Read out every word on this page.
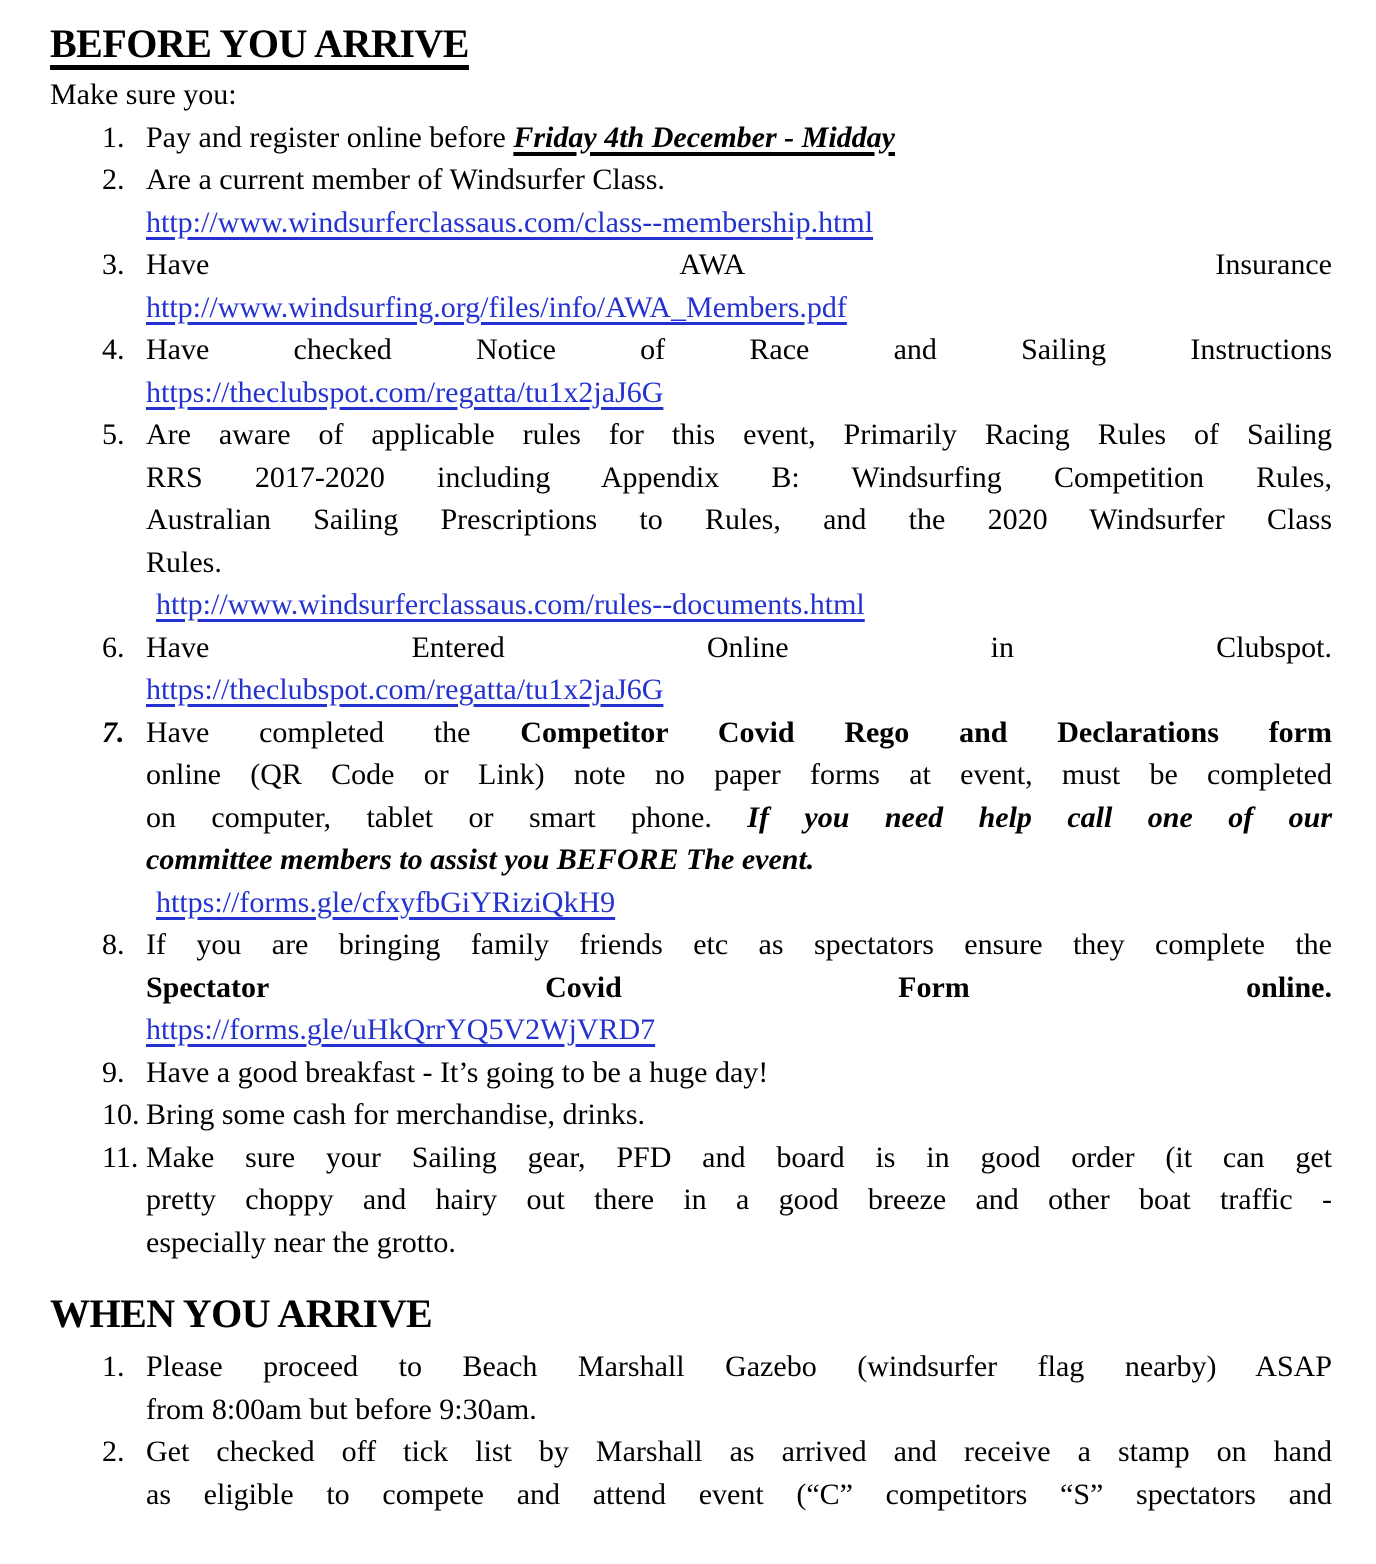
BEFORE YOU ARRIVE

Make sure you:

1. Pay and register online before Friday 4th December - Midday
2. Are a current member of Windsurfer Class.
http://www.windsurferclassaus.com/class--membership.html
3. Have AWA Insurance
http://www.windsurfing.org/files/info/AWA_Members.pdf
4. Have checked Notice of Race and Sailing Instructions
https://theclubspot.com/regatta/tu1x2jaJ6G
5. Are aware of applicable rules for this event, Primarily Racing Rules of Sailing
RRS 2017-2020 including Appendix B: Windsurfing Competition Rules,
Australian Sailing Prescriptions to Rules, and the 2020 Windsurfer Class
Rules.
http://www.windsurferclassaus.com/rules--documents.html
6. Have Entered Online in Clubspot.
https://theclubspot.com/regatta/tu1x2jaJ6G
7. Have completed the Competitor Covid Rego and Declarations form
online (QR Code or Link) note no paper forms at event, must be completed
on computer, tablet or smart phone. If you need help call one of our
committee members to assist you BEFORE The event.
https://forms.gle/cfxyfbGiYRiziQkH9
8. If you are bringing family friends etc as spectators ensure they complete the
Spectator Covid Form online.
https://forms.gle/uHkQrrYQ5V2WjVRD7
9. Have a good breakfast - It’s going to be a huge day!
10. Bring some cash for merchandise, drinks.
11. Make sure your Sailing gear, PFD and board is in good order (it can get
pretty choppy and hairy out there in a good breeze and other boat traffic -
especially near the grotto.
WHEN YOU ARRIVE
1. Please proceed to Beach Marshall Gazebo (windsurfer flag nearby) ASAP
from 8:00am but before 9:30am.
2. Get checked off tick list by Marshall as arrived and receive a stamp on hand
as eligible to compete and attend event (“C” competitors “S” spectators and
